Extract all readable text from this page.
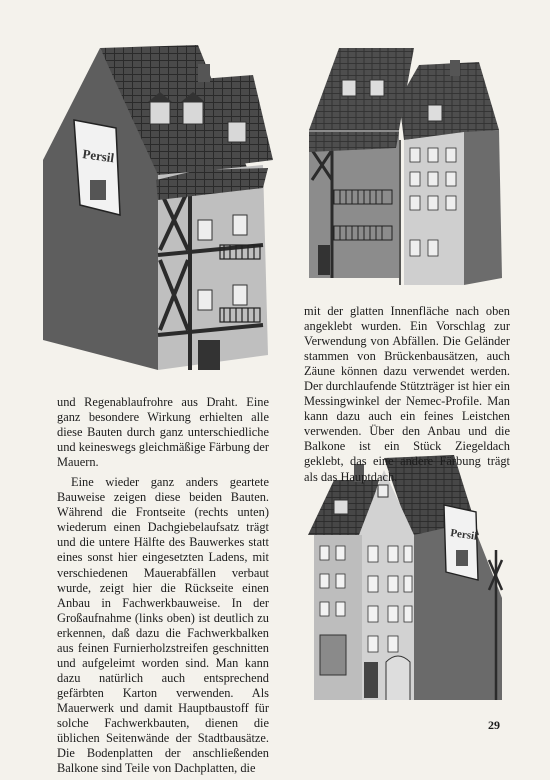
Persil
Persil

und Regenablaufrohre aus Draht. Eine ganz besondere Wirkung erhielten alle diese Bauten durch ganz unterschiedliche und keineswegs gleichmäßige Färbung der Mauern.

Eine wieder ganz anders geartete Bauweise zeigen diese beiden Bauten. Während die Frontseite (rechts unten) wiederum einen Dachgiebelaufsatz trägt und die untere Hälfte des Bauwerkes statt eines sonst hier eingesetzten Ladens, mit verschiedenen Mauerabfällen verbaut wurde, zeigt hier die Rückseite einen Anbau in Fachwerkbauweise. In der Großaufnahme (links oben) ist deutlich zu erkennen, daß dazu die Fachwerkbalken aus feinen Furnierholzstreifen geschnitten und aufgeleimt worden sind. Man kann dazu natürlich auch entsprechend gefärbten Karton verwenden. Als Mauerwerk und damit Hauptbaustoff für solche Fachwerkbauten, dienen die üblichen Seitenwände der Stadtbausätze. Die Bodenplatten der anschließenden Balkone sind Teile von Dachplatten, die

mit der glatten Innenfläche nach oben angeklebt wurden. Ein Vorschlag zur Verwendung von Abfällen. Die Geländer stammen von Brückenbausätzen, auch Zäune können dazu verwendet werden. Der durchlaufende Stützträger ist hier ein Messingwinkel der Nemec-Profile. Man kann dazu auch ein feines Leistchen verwenden. Über den Anbau und die Balkone ist ein Stück Ziegeldach geklebt, das eine andere Färbung trägt als das Hauptdach.

29
